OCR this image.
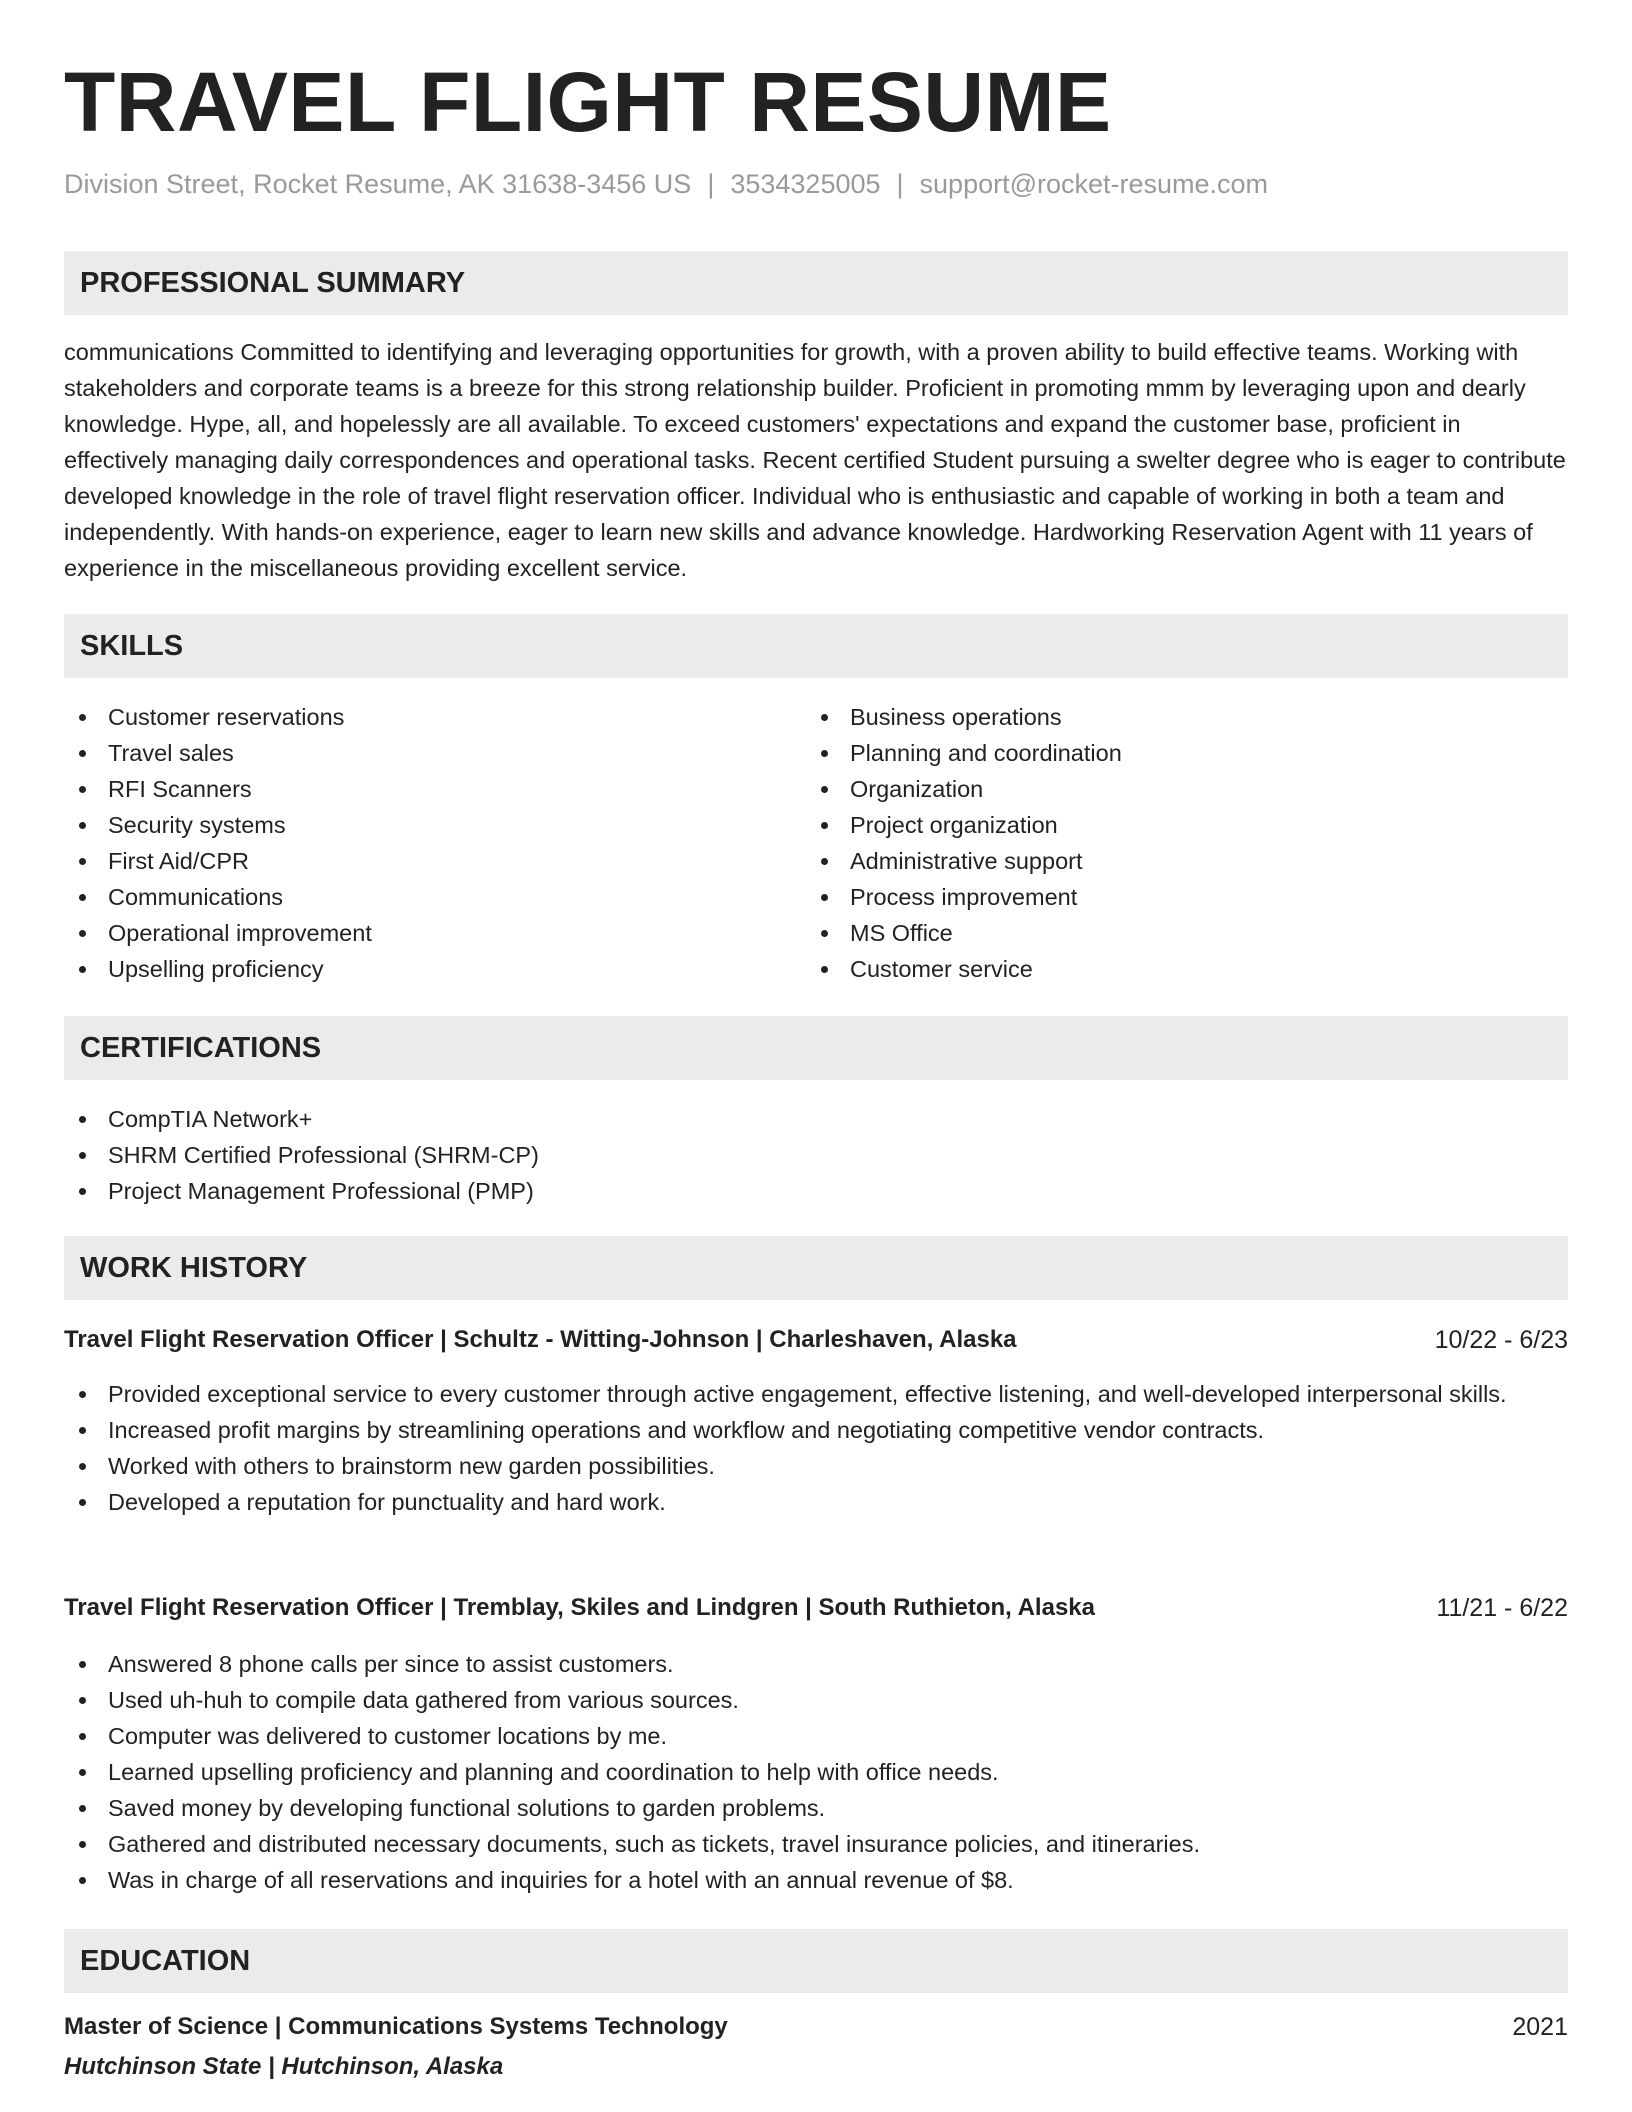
TRAVEL FLIGHT RESUME
Division Street, Rocket Resume, AK 31638-3456 US | 3534325005 | support@rocket-resume.com
PROFESSIONAL SUMMARY

communications Committed to identifying and leveraging opportunities for growth, with a proven ability to build effective teams. Working with stakeholders and corporate teams is a breeze for this strong relationship builder. Proficient in promoting mmm by leveraging upon and dearly knowledge. Hype, all, and hopelessly are all available. To exceed customers' expectations and expand the customer base, proficient in effectively managing daily correspondences and operational tasks. Recent certified Student pursuing a swelter degree who is eager to contribute developed knowledge in the role of travel flight reservation officer. Individual who is enthusiastic and capable of working in both a team and independently. With hands-on experience, eager to learn new skills and advance knowledge. Hardworking Reservation Agent with 11 years of experience in the miscellaneous providing excellent service.

SKILLS
Customer reservations
Travel sales
RFI Scanners
Security systems
First Aid/CPR
Communications
Operational improvement
Upselling proficiency
Business operations
Planning and coordination
Organization
Project organization
Administrative support
Process improvement
MS Office
Customer service
CERTIFICATIONS
CompTIA Network+
SHRM Certified Professional (SHRM-CP)
Project Management Professional (PMP)
WORK HISTORY
Travel Flight Reservation Officer | Schultz - Witting-Johnson | Charleshaven, Alaska	10/22 - 6/23
Provided exceptional service to every customer through active engagement, effective listening, and well-developed interpersonal skills.
Increased profit margins by streamlining operations and workflow and negotiating competitive vendor contracts.
Worked with others to brainstorm new garden possibilities.
Developed a reputation for punctuality and hard work.
Travel Flight Reservation Officer | Tremblay, Skiles and Lindgren | South Ruthieton, Alaska	11/21 - 6/22
Answered 8 phone calls per since to assist customers.
Used uh-huh to compile data gathered from various sources.
Computer was delivered to customer locations by me.
Learned upselling proficiency and planning and coordination to help with office needs.
Saved money by developing functional solutions to garden problems.
Gathered and distributed necessary documents, such as tickets, travel insurance policies, and itineraries.
Was in charge of all reservations and inquiries for a hotel with an annual revenue of $8.
EDUCATION
Master of Science | Communications Systems Technology	2021
Hutchinson State | Hutchinson, Alaska
